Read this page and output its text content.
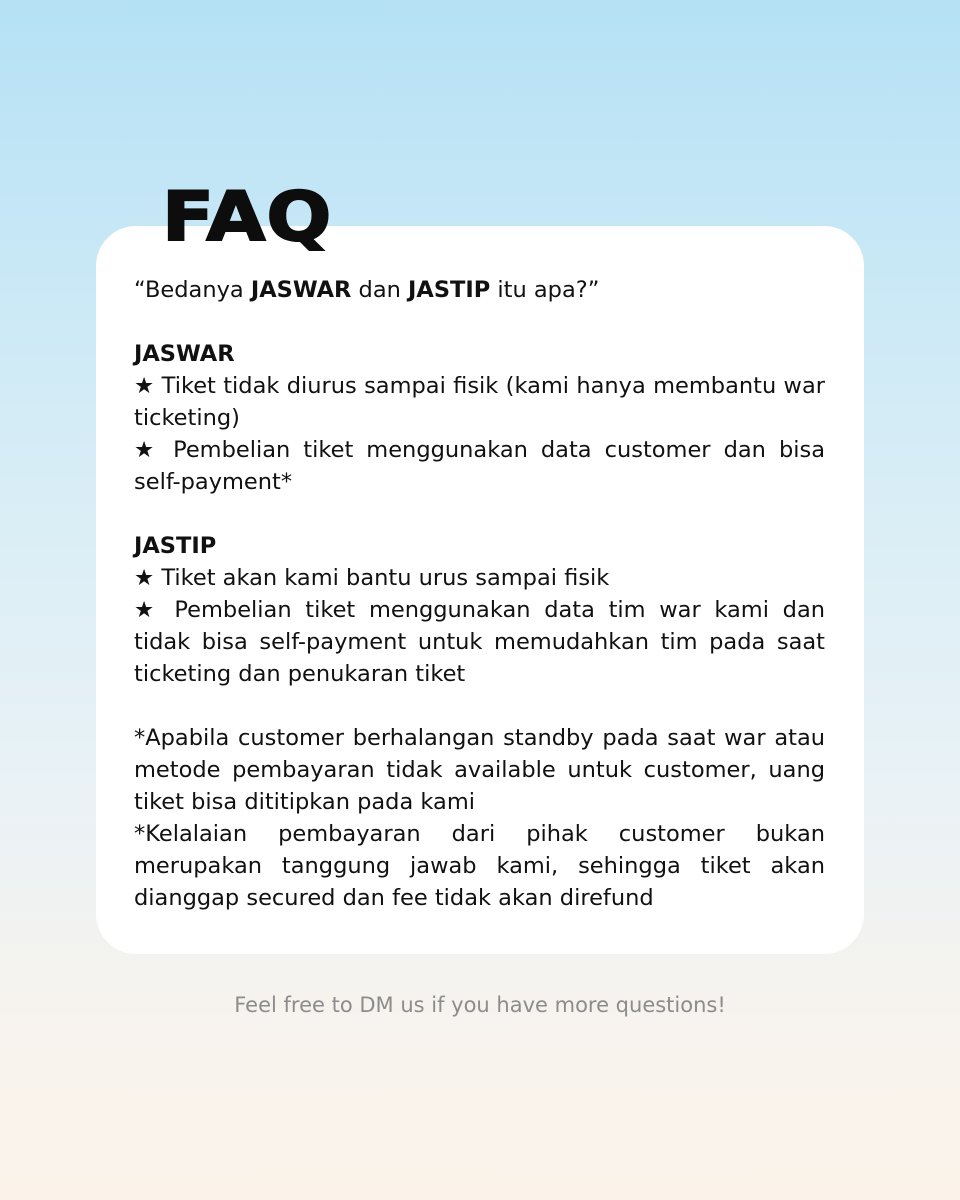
FAQ

“Bedanya JASWAR dan JASTIP itu apa?”

JASWAR

★ Tiket tidak diurus sampai fisik (kami hanya membantu war ticketing)

★ Pembelian tiket menggunakan data customer dan bisa self-payment*

JASTIP

★ Tiket akan kami bantu urus sampai fisik

★ Pembelian tiket menggunakan data tim war kami dan tidak bisa self-payment untuk memudahkan tim pada saat ticketing dan penukaran tiket

*Apabila customer berhalangan standby pada saat war atau metode pembayaran tidak available untuk customer, uang tiket bisa dititipkan pada kami

*Kelalaian pembayaran dari pihak customer bukan merupakan tanggung jawab kami, sehingga tiket akan dianggap secured dan fee tidak akan direfund

Feel free to DM us if you have more questions!
